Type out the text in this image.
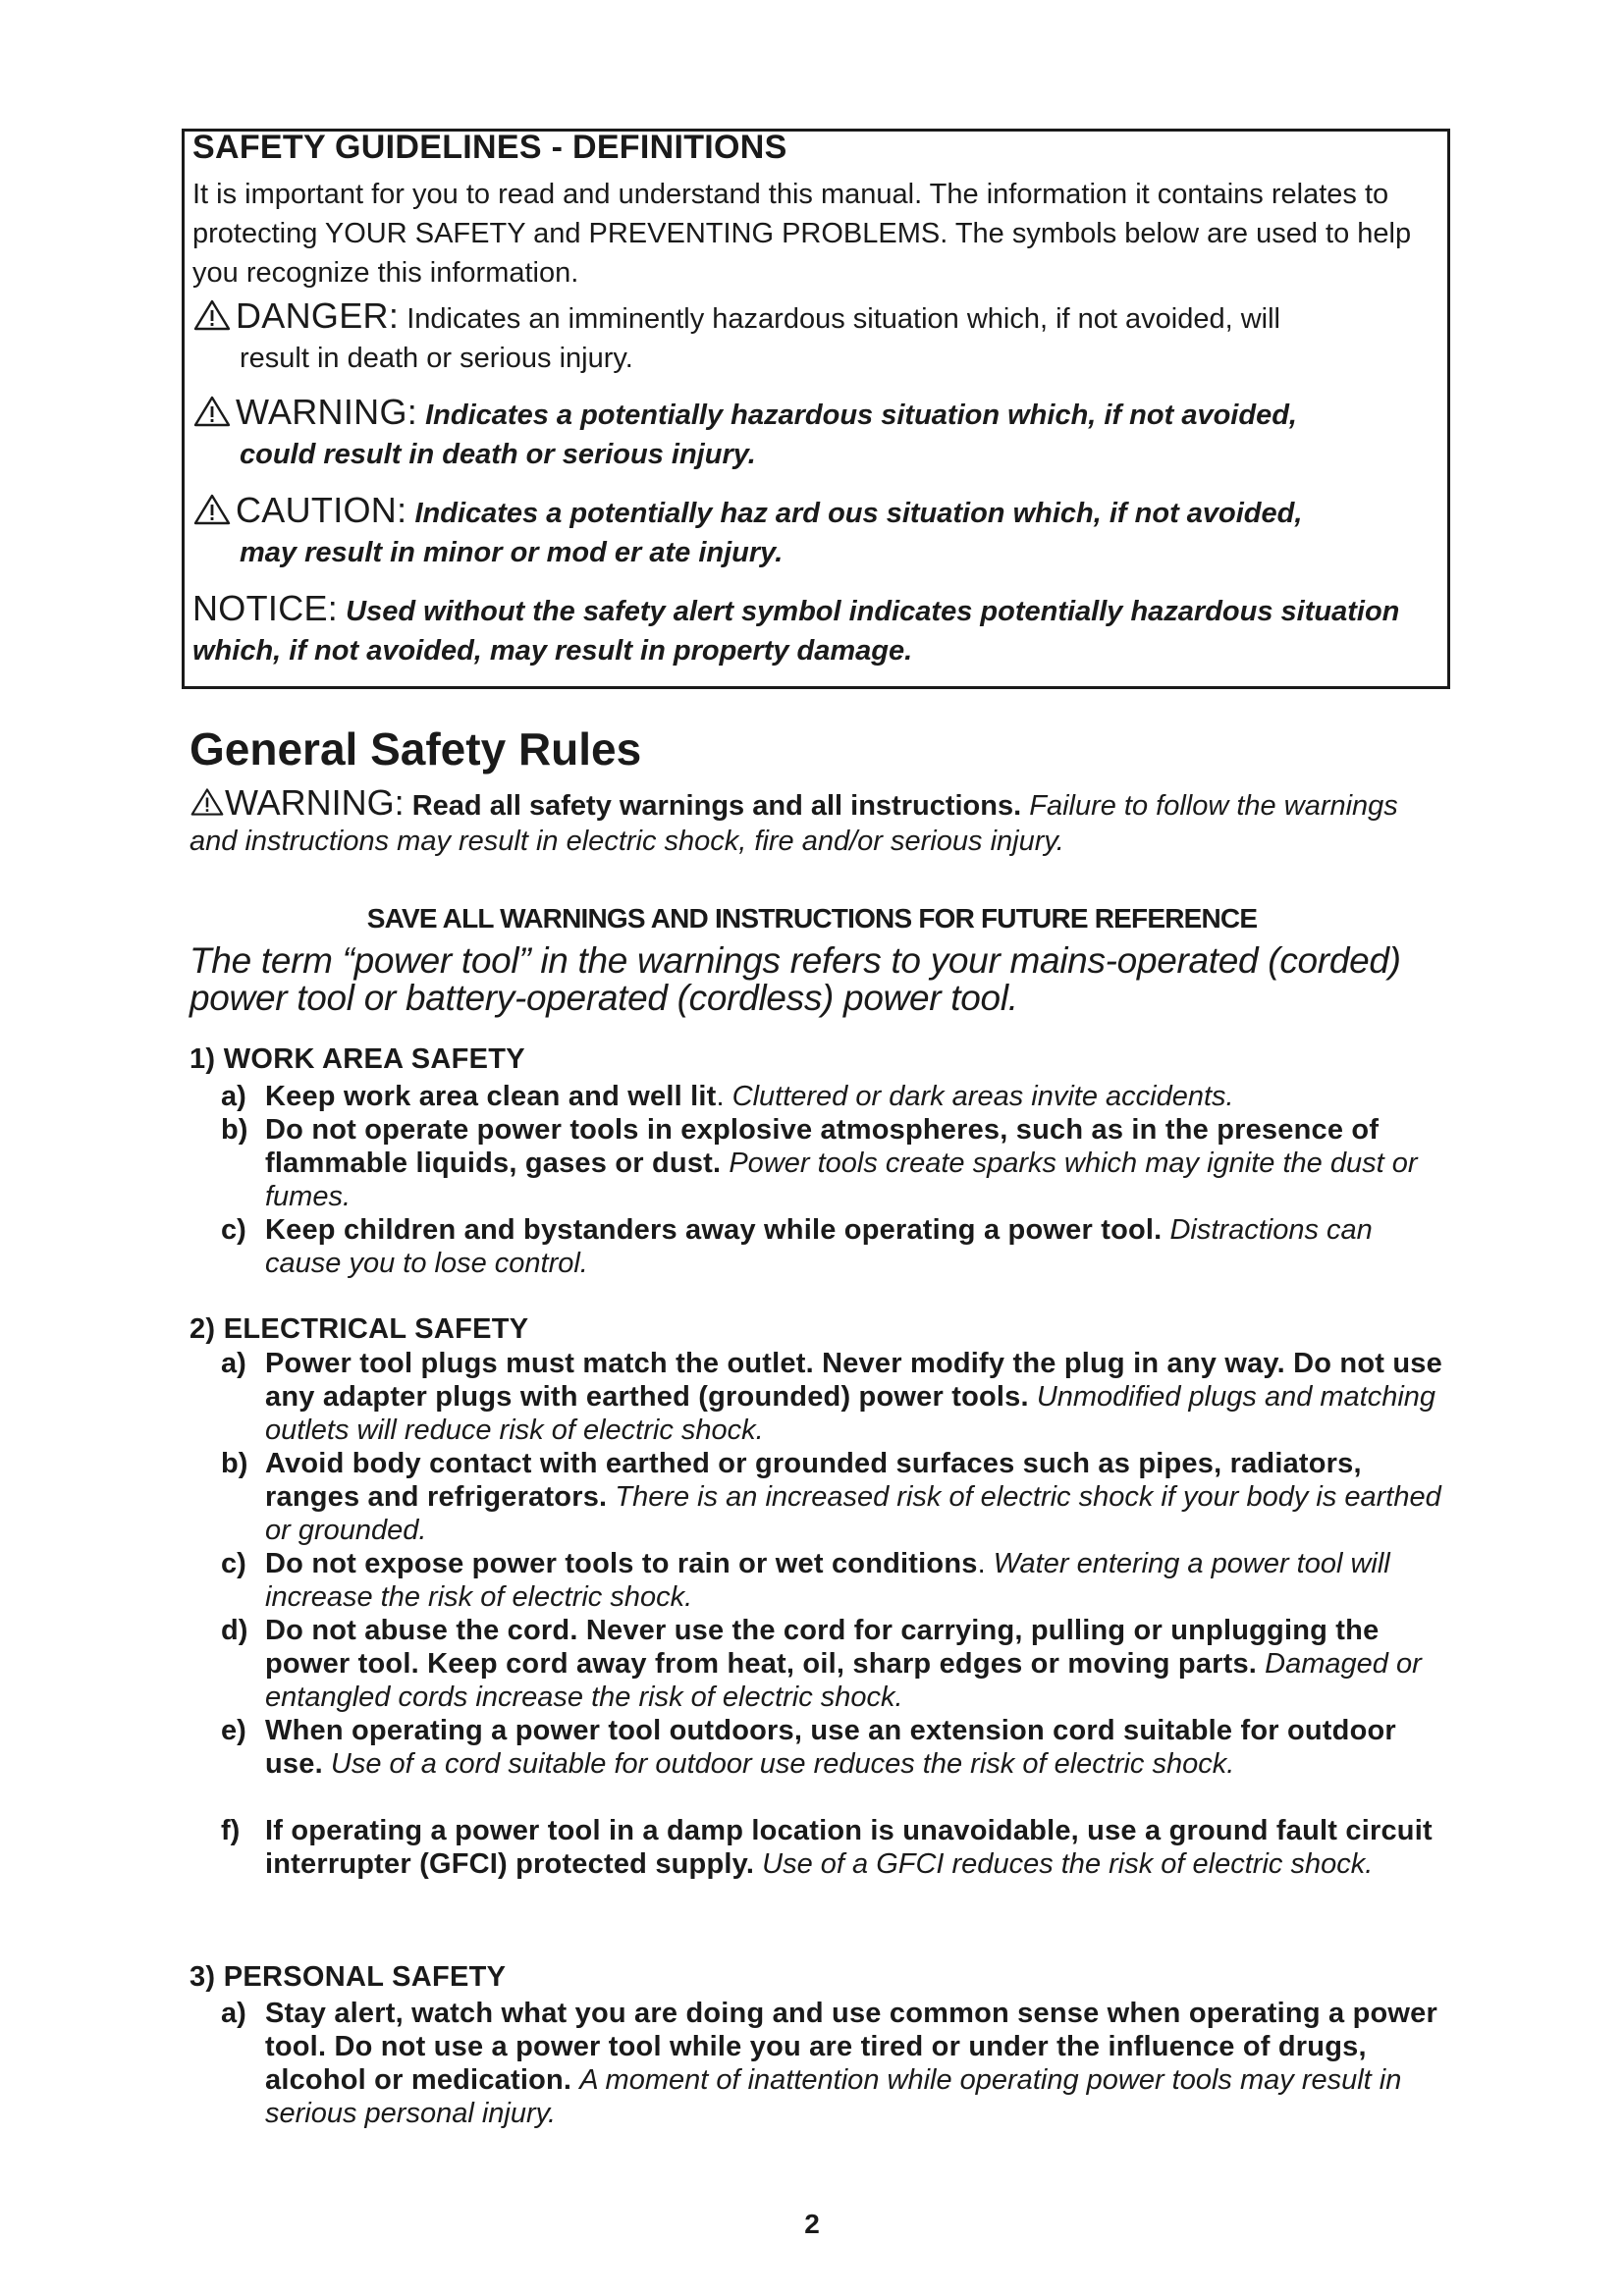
SAFETY GUIDELINES - DEFINITIONS
It is important for you to read and understand this manual. The information it contains relates to protecting YOUR SAFETY and PREVENTING PROBLEMS. The symbols below are used to help you recognize this information.
DANGER: Indicates an imminently hazardous situation which, if not avoided, will
result in death or serious injury.
WARNING: Indicates a potentially hazardous situation which, if not avoided,
could result in death or serious injury.
CAUTION: Indicates a potentially haz ard ous situation which, if not avoided,
may result in minor or mod er ate injury.
NOTICE: Used without the safety alert symbol indicates potentially hazardous situation which, if not avoided, may result in property damage.
General Safety Rules
WARNING: Read all safety warnings and all instructions. Failure to follow the warnings and instructions may result in electric shock, fire and/or serious injury.
SAVE ALL WARNINGS AND INSTRUCTIONS FOR FUTURE REFERENCE
The term “power tool” in the warnings refers to your mains-operated (corded) power tool or battery-operated (cordless) power tool.
1) WORK AREA SAFETY
a) Keep work area clean and well lit. Cluttered or dark areas invite accidents.
b) Do not operate power tools in explosive atmospheres, such as in the presence of flammable liquids, gases or dust. Power tools create sparks which may ignite the dust or fumes.
c) Keep children and bystanders away while operating a power tool. Distractions can cause you to lose control.
2) ELECTRICAL SAFETY
a) Power tool plugs must match the outlet. Never modify the plug in any way. Do not use any adapter plugs with earthed (grounded) power tools. Unmodified plugs and matching outlets will reduce risk of electric shock.
b) Avoid body contact with earthed or grounded surfaces such as pipes, radiators, ranges and refrigerators. There is an increased risk of electric shock if your body is earthed or grounded.
c) Do not expose power tools to rain or wet conditions. Water entering a power tool will increase the risk of electric shock.
d) Do not abuse the cord. Never use the cord for carrying, pulling or unplugging the power tool. Keep cord away from heat, oil, sharp edges or moving parts. Damaged or entangled cords increase the risk of electric shock.
e) When operating a power tool outdoors, use an extension cord suitable for outdoor use. Use of a cord suitable for outdoor use reduces the risk of electric shock.
f) If operating a power tool in a damp location is unavoidable, use a ground fault circuit interrupter (GFCI) protected supply. Use of a GFCI reduces the risk of electric shock.
3) PERSONAL SAFETY
a) Stay alert, watch what you are doing and use common sense when operating a power tool. Do not use a power tool while you are tired or under the influence of drugs, alcohol or medication. A moment of inattention while operating power tools may result in serious personal injury.
2
